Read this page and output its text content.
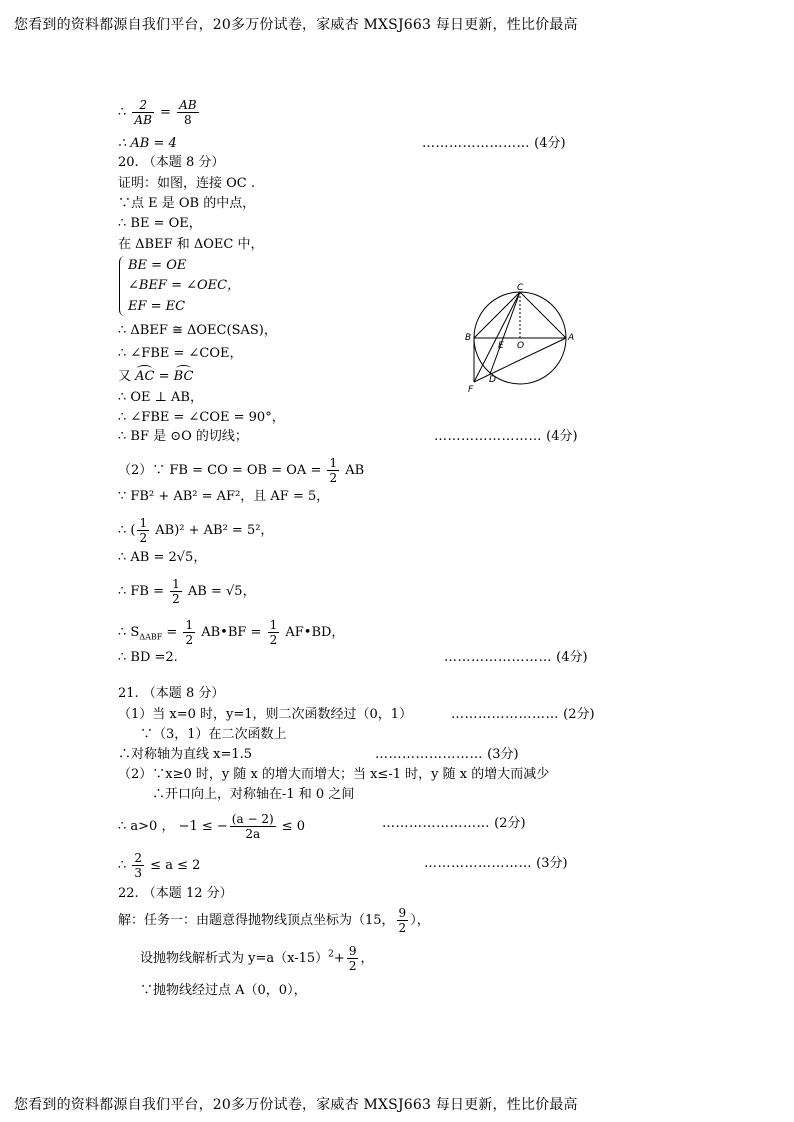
您看到的资料都源自我们平台，20多万份试卷，家威杏 MXSJ663 每日更新，性比价最高
∴ $\frac{2}{AB} = \frac{AB}{8}$
∴ AB = 4	…………………… (4分)
20. （本题 8 分）
证明：如图，连接 OC .
∵点 E 是 OB 的中点，
∴ BE = OE，
在 ΔBEF 和 ΔOEC 中，
BE = OE
∠BEF = ∠OEC，
EF = EC
∴ ΔBEF ≅ ΔOEC(SAS)，
∴ ∠FBE = ∠COE，
又 AC = BC
∴ OE ⊥ AB，
∴ ∠FBE = ∠COE = 90°，
∴ BF 是 ⊙O 的切线；	…………………… (4分)
C
B
E O
A
D
F
（2）∵ FB = CO = OB = OA = $\frac{1}{2}$ AB
∵ FB² + AB² = AF²，且 AF = 5，
∴ ( $\frac{1}{2} AB)^2 + AB^2 = 5^2$，
∴ AB = 2√5，
∴ FB = $\frac{1}{2}$ AB = √5，
∴ $S_{\Delta ABF} = \frac{1}{2}$ AB•BF = $\frac{1}{2}$ AF•BD，
∴ BD =2.	…………………… (4分)
21. （本题 8 分）
（1）当 x=0 时，y=1，则二次函数经过（0，1）	…………………… (2分)
∵（3，1）在二次函数上
∴对称轴为直线 x=1.5	…………………… (3分)
（2）∵x≥0 时，y 随 x 的增大而增大；当 x≤-1 时，y 随 x 的增大而减少
∴开口向上，对称轴在-1 和 0 之间
∴ a>0 ， −1 ≤ − $\frac{(a - 2)}{2a} \le 0$	…………………… (2分)
∴ $\frac{2}{3} \le a \le 2$	…………………… (3分)
22. （本题 12 分）
解：任务一：由题意得抛物线顶点坐标为（15， $\frac{9}{2}$ ），
设抛物线解析式为 $y=a(x-15)^2+ \frac{9}{2}$ ，
∵抛物线经过点 A（0，0），
您看到的资料都源自我们平台，20多万份试卷，家威杏 MXSJ663 每日更新，性比价最高
